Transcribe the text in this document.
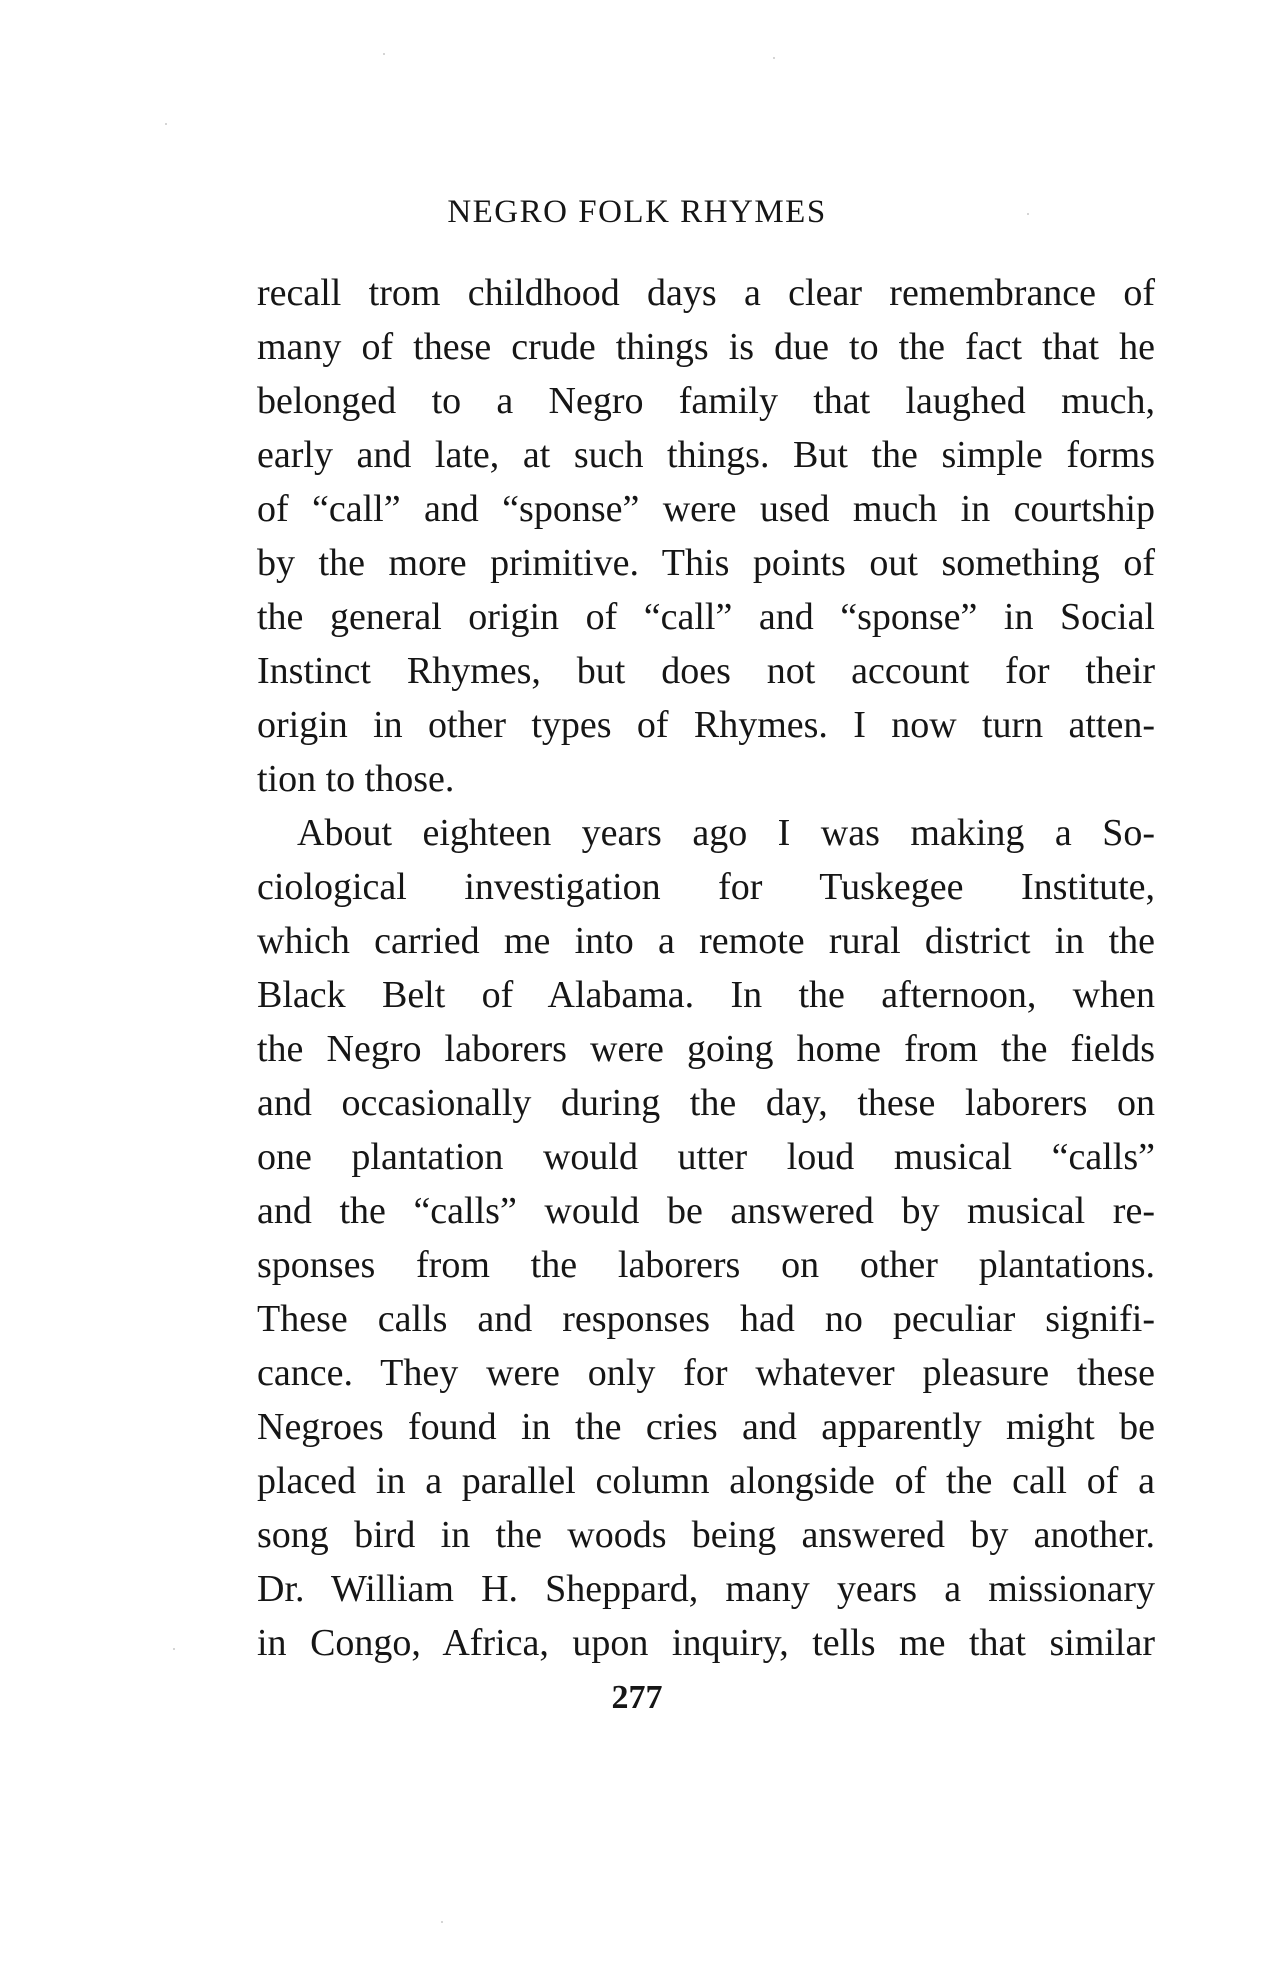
NEGRO FOLK RHYMES
recall trom childhood days a clear remembrance of
many of these crude things is due to the fact that he
belonged to a Negro family that laughed much,
early and late, at such things. But the simple forms
of “call” and “sponse” were used much in courtship
by the more primitive. This points out something of
the general origin of “call” and “sponse” in Social
Instinct Rhymes, but does not account for their
origin in other types of Rhymes. I now turn atten-
tion to those.
About eighteen years ago I was making a So-
ciological investigation for Tuskegee Institute,
which carried me into a remote rural district in the
Black Belt of Alabama. In the afternoon, when
the Negro laborers were going home from the fields
and occasionally during the day, these laborers on
one plantation would utter loud musical “calls”
and the “calls” would be answered by musical re-
sponses from the laborers on other plantations.
These calls and responses had no peculiar signifi-
cance. They were only for whatever pleasure these
Negroes found in the cries and apparently might be
placed in a parallel column alongside of the call of a
song bird in the woods being answered by another.
Dr. William H. Sheppard, many years a missionary
in Congo, Africa, upon inquiry, tells me that similar
277
